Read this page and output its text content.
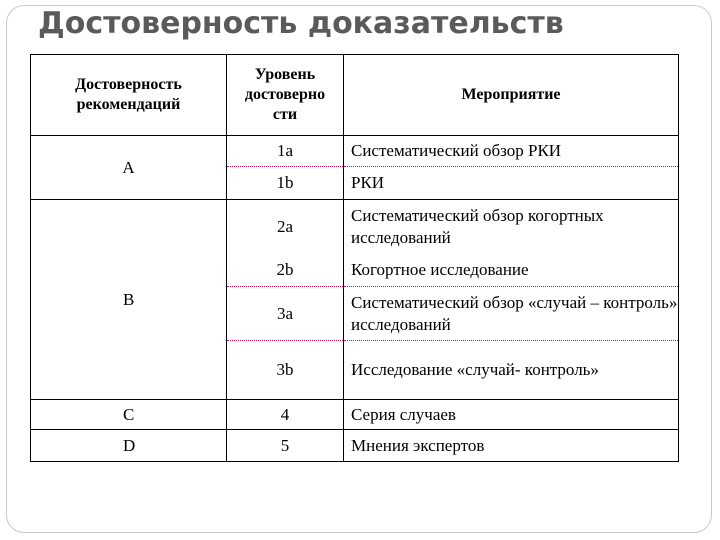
Достоверность доказательств
Достоверность рекомендаций	Уровень достоверно сти	Мероприятие
A	1a	Систематический обзор РКИ
	1b	РКИ
B	2a	Систематический обзор когортных исследований
	2b	Когортное исследование
	3a	Систематический обзор «случай – контроль» исследований
	3b	Исследование «случай- контроль»
C	4	Серия случаев
D	5	Мнения экспертов
